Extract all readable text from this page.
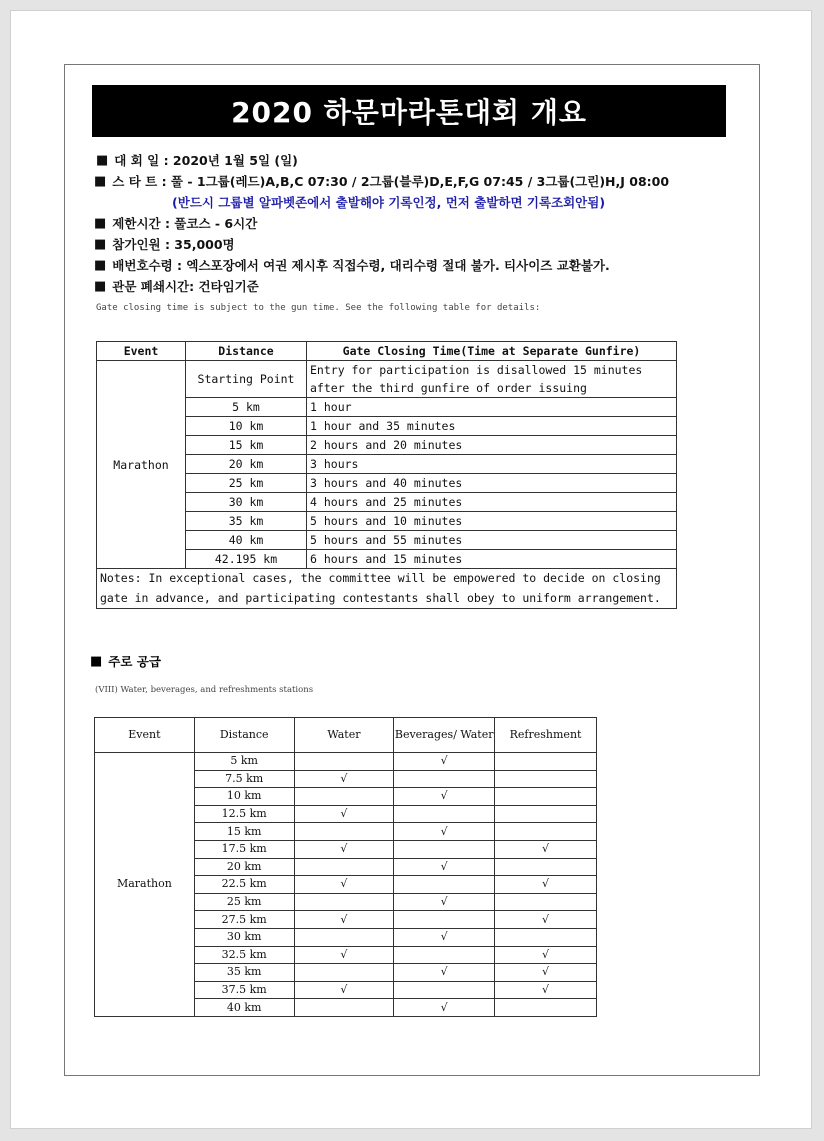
2020 하문마라톤대회 개요
■ 대 회 일 : 2020년 1월 5일 (일)
■ 스 타 트 : 풀 - 1그룹(레드)A,B,C 07:30 / 2그룹(블루)D,E,F,G 07:45 / 3그룹(그린)H,J 08:00
(반드시 그룹별 알파벳존에서 출발해야 기록인정, 먼저 출발하면 기록조회안됨)
■ 제한시간 : 풀코스 - 6시간
■ 참가인원 : 35,000명
■ 배번호수령 : 엑스포장에서 여권 제시후 직접수령, 대리수령 절대 불가. 티사이즈 교환불가.
■ 관문 폐쇄시간: 건타임기준
Gate closing time is subject to the gun time. See the following table for details:
Event	Distance	Gate Closing Time(Time at Separate Gunfire)
Marathon	Starting Point	Entry for participation is disallowed 15 minutes after the third gunfire of order issuing
	5 km	1 hour
	10 km	1 hour and 35 minutes
	15 km	2 hours and 20 minutes
	20 km	3 hours
	25 km	3 hours and 40 minutes
	30 km	4 hours and 25 minutes
	35 km	5 hours and 10 minutes
	40 km	5 hours and 55 minutes
	42.195 km	6 hours and 15 minutes
Notes: In exceptional cases, the committee will be empowered to decide on closing gate in advance, and participating contestants shall obey to uniform arrangement.		
■ 주로 공급
(VIII) Water, beverages, and refreshments stations
Event	Distance	Water	Beverages/ Water	Refreshment
Marathon	5 km		√	
	7.5 km	√		
	10 km		√	
	12.5 km	√		
	15 km		√	
	17.5 km	√		√
	20 km		√	
	22.5 km	√		√
	25 km		√	
	27.5 km	√		√
	30 km		√	
	32.5 km	√		√
	35 km		√	√
	37.5 km	√		√
	40 km		√	
